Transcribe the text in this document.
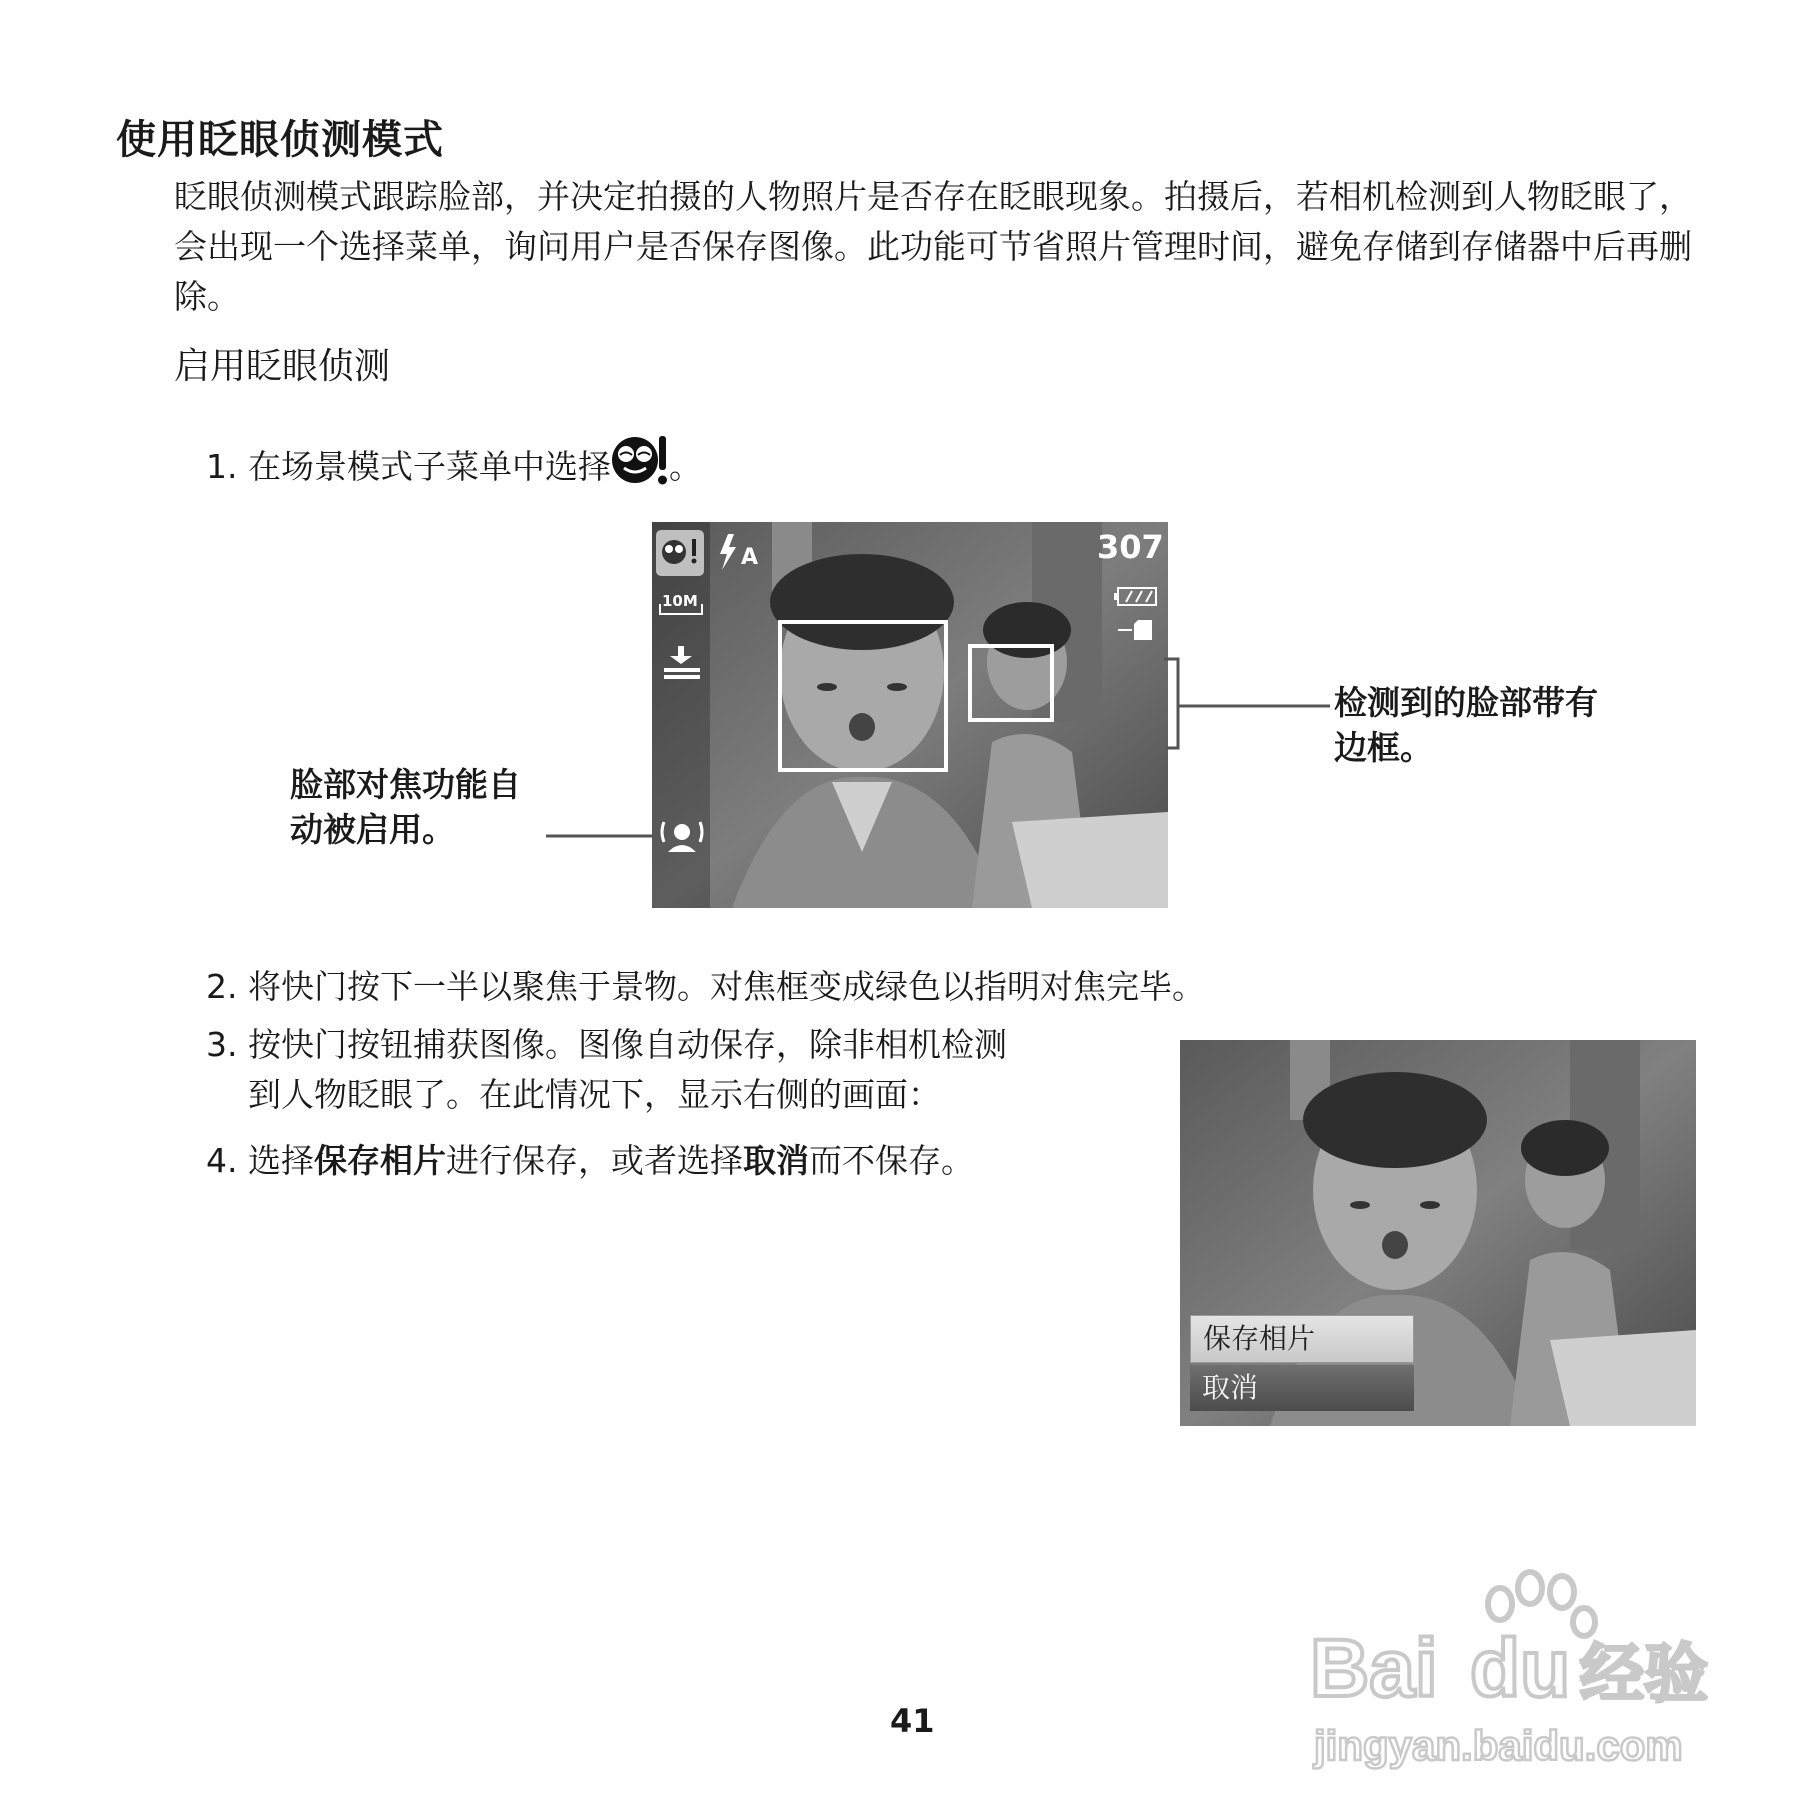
使用眨眼侦测模式

眨眼侦测模式跟踪脸部，并决定拍摄的人物照片是否存在眨眼现象。拍摄后，若相机检测到人物眨眼了，会出现一个选择菜单，询问用户是否保存图像。此功能可节省照片管理时间，避免存储到存储器中后再删除。

启用眨眼侦测
1. 在场景模式子菜单中选择 。
A	307
10M
检测到的脸部带有
边框。
脸部对焦功能自
动被启用。
2. 将快门按下一半以聚焦于景物。对焦框变成绿色以指明对焦完毕。
3. 按快门按钮捕获图像。图像自动保存，除非相机检测
到人物眨眼了。在此情况下，显示右侧的画面：
4. 选择保存相片进行保存，或者选择取消而不保存。
保存相片
取消
41
Bai du 经验
jingyan.baidu.com
